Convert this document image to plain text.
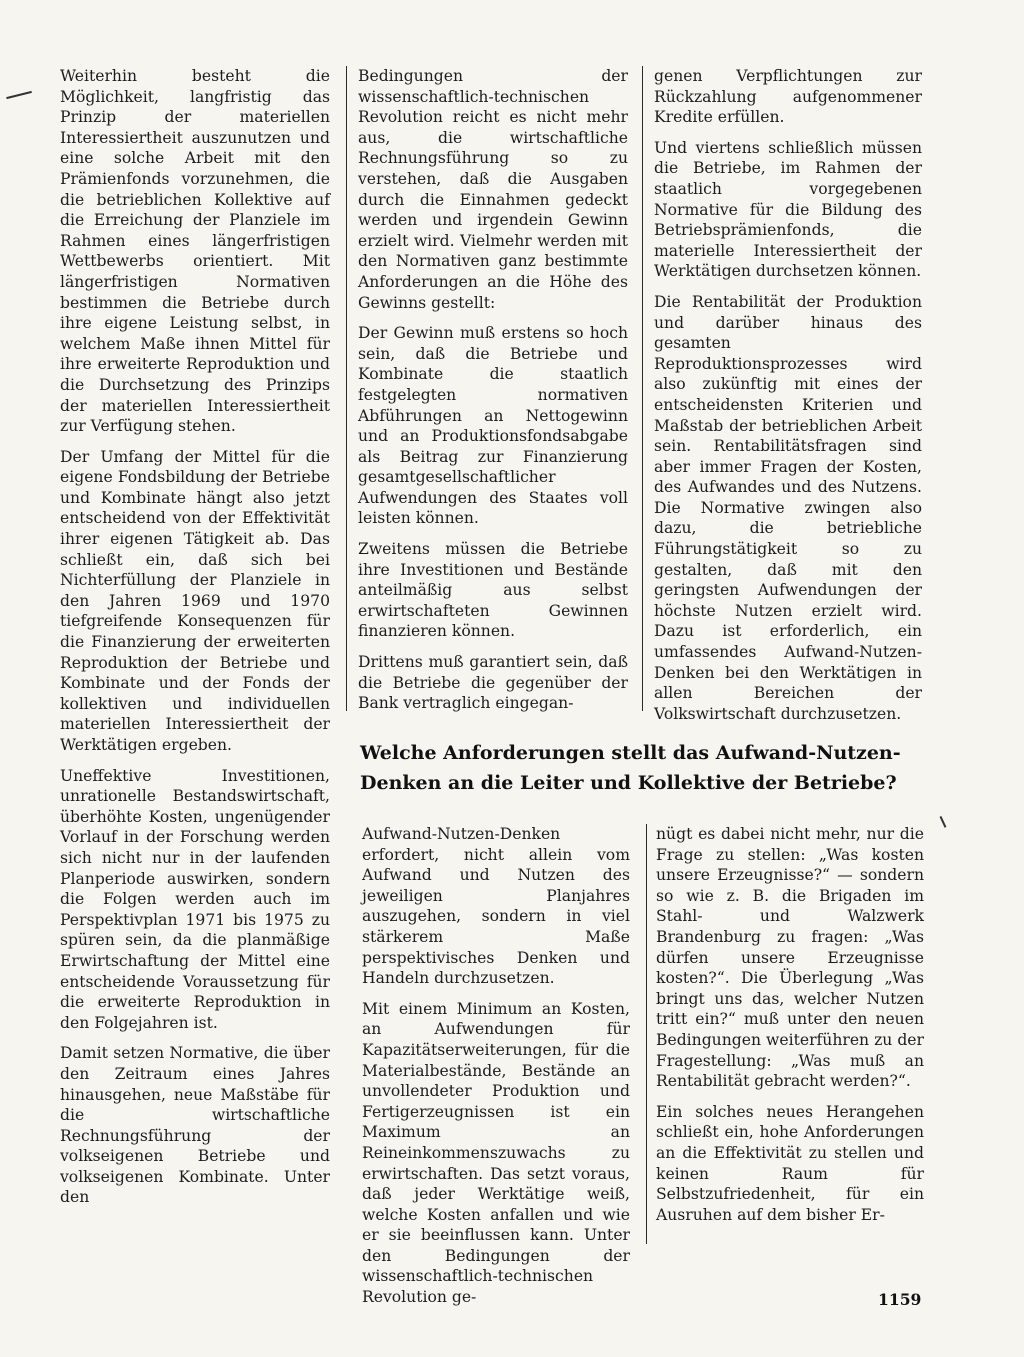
Weiterhin besteht die Möglichkeit, langfristig das Prinzip der materiellen Interessiertheit auszunutzen und eine solche Arbeit mit den Prämienfonds vorzunehmen, die die betrieblichen Kollektive auf die Erreichung der Planziele im Rahmen eines längerfristigen Wettbewerbs orientiert. Mit längerfristigen Normativen bestimmen die Betriebe durch ihre eigene Leistung selbst, in welchem Maße ihnen Mittel für ihre erweiterte Reproduktion und die Durchsetzung des Prinzips der materiellen Interessiertheit zur Verfügung stehen.

Der Umfang der Mittel für die eigene Fondsbildung der Betriebe und Kombinate hängt also jetzt entscheidend von der Effektivität ihrer eigenen Tätigkeit ab. Das schließt ein, daß sich bei Nichterfüllung der Planziele in den Jahren 1969 und 1970 tiefgreifende Konsequenzen für die Finanzierung der erweiterten Reproduktion der Betriebe und Kombinate und der Fonds der kollektiven und individuellen materiellen Interessiertheit der Werktätigen ergeben.

Uneffektive Investitionen, unrationelle Bestandswirtschaft, überhöhte Kosten, ungenügender Vorlauf in der Forschung werden sich nicht nur in der laufenden Planperiode auswirken, sondern die Folgen werden auch im Perspektivplan 1971 bis 1975 zu spüren sein, da die planmäßige Erwirtschaftung der Mittel eine entscheidende Voraussetzung für die erweiterte Reproduktion in den Folgejahren ist.

Damit setzen Normative, die über den Zeitraum eines Jahres hinausgehen, neue Maßstäbe für die wirtschaftliche Rechnungsführung der volkseigenen Betriebe und volkseigenen Kombinate. Unter den

Bedingungen der wissenschaftlich-technischen Revolution reicht es nicht mehr aus, die wirtschaftliche Rechnungsführung so zu verstehen, daß die Ausgaben durch die Einnahmen gedeckt werden und irgendein Gewinn erzielt wird. Vielmehr werden mit den Normativen ganz bestimmte Anforderungen an die Höhe des Gewinns gestellt:

Der Gewinn muß erstens so hoch sein, daß die Betriebe und Kombinate die staatlich festgelegten normativen Abführungen an Nettogewinn und an Produktionsfondsabgabe als Beitrag zur Finanzierung gesamtgesellschaftlicher Aufwendungen des Staates voll leisten können.

Zweitens müssen die Betriebe ihre Investitionen und Bestände anteilmäßig aus selbst erwirtschafteten Gewinnen finanzieren können.

Drittens muß garantiert sein, daß die Betriebe die gegenüber der Bank vertraglich eingegan-

genen Verpflichtungen zur Rückzahlung aufgenommener Kredite erfüllen.

Und viertens schließlich müssen die Betriebe, im Rahmen der staatlich vorgegebenen Normative für die Bildung des Betriebsprämienfonds, die materielle Interessiertheit der Werktätigen durchsetzen können.

Die Rentabilität der Produktion und darüber hinaus des gesamten Reproduktionsprozesses wird also zukünftig mit eines der entscheidensten Kriterien und Maßstab der betrieblichen Arbeit sein. Rentabilitätsfragen sind aber immer Fragen der Kosten, des Aufwandes und des Nutzens. Die Normative zwingen also dazu, die betriebliche Führungstätigkeit so zu gestalten, daß mit den geringsten Aufwendungen der höchste Nutzen erzielt wird. Dazu ist erforderlich, ein umfassendes Aufwand-Nutzen-Denken bei den Werktätigen in allen Bereichen der Volkswirtschaft durchzusetzen.

Welche Anforderungen stellt das Aufwand-Nutzen-Denken an die Leiter und Kollektive der Betriebe?

Aufwand-Nutzen-Denken erfordert, nicht allein vom Aufwand und Nutzen des jeweiligen Planjahres auszugehen, sondern in viel stärkerem Maße perspektivisches Denken und Handeln durchzusetzen.

Mit einem Minimum an Kosten, an Aufwendungen für Kapazitätserweiterungen, für die Materialbestände, Bestände an unvollendeter Produktion und Fertigerzeugnissen ist ein Maximum an Reineinkommenszuwachs zu erwirtschaften. Das setzt voraus, daß jeder Werktätige weiß, welche Kosten anfallen und wie er sie beeinflussen kann. Unter den Bedingungen der wissenschaftlich-technischen Revolution ge-

nügt es dabei nicht mehr, nur die Frage zu stellen: „Was kosten unsere Erzeugnisse?“ — sondern so wie z. B. die Brigaden im Stahl- und Walzwerk Brandenburg zu fragen: „Was dürfen unsere Erzeugnisse kosten?“. Die Überlegung „Was bringt uns das, welcher Nutzen tritt ein?“ muß unter den neuen Bedingungen weiterführen zu der Fragestellung: „Was muß an Rentabilität gebracht werden?“.

Ein solches neues Herangehen schließt ein, hohe Anforderungen an die Effektivität zu stellen und keinen Raum für Selbstzufriedenheit, für ein Ausruhen auf dem bisher Er-

1159
